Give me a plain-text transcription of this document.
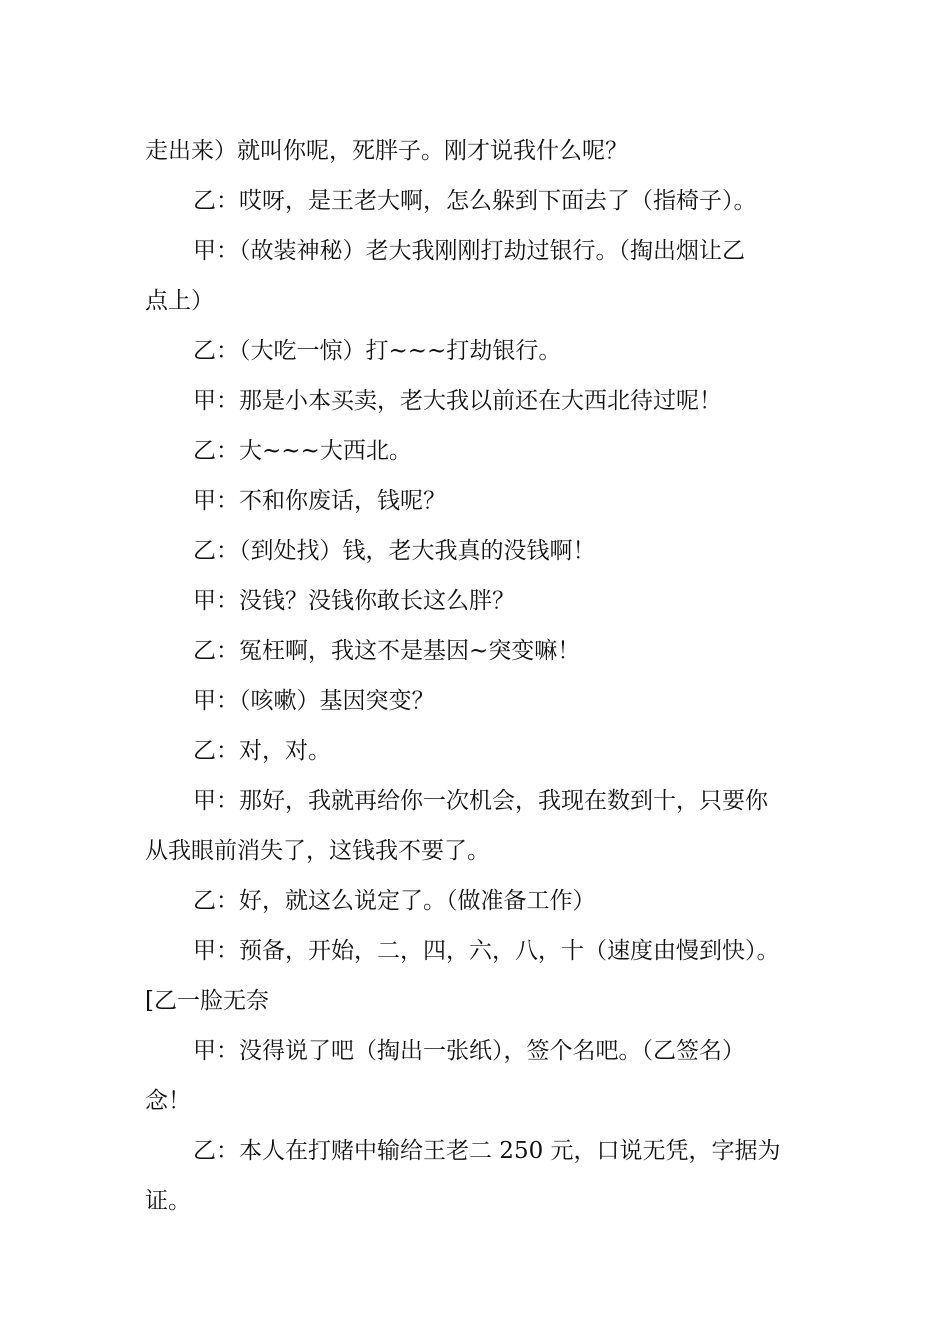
走出来）就叫你呢，死胖子。刚才说我什么呢？
乙：哎呀，是王老大啊，怎么躲到下面去了（指椅子）。
甲：（故装神秘）老大我刚刚打劫过银行。（掏出烟让乙
点上）
乙：（大吃一惊）打~~~打劫银行。
甲：那是小本买卖，老大我以前还在大西北待过呢！
乙：大~~~大西北。
甲：不和你废话，钱呢？
乙：（到处找）钱，老大我真的没钱啊！
甲：没钱？没钱你敢长这么胖？
乙：冤枉啊，我这不是基因~突变嘛！
甲：（咳嗽）基因突变？
乙：对，对。
甲：那好，我就再给你一次机会，我现在数到十，只要你
从我眼前消失了，这钱我不要了。
乙：好，就这么说定了。（做准备工作）
甲：预备，开始，二，四，六，八，十（速度由慢到快）。
[乙一脸无奈
甲：没得说了吧（掏出一张纸），签个名吧。（乙签名）
念！
乙：本人在打赌中输给王老二 250 元，口说无凭，字据为
证。
